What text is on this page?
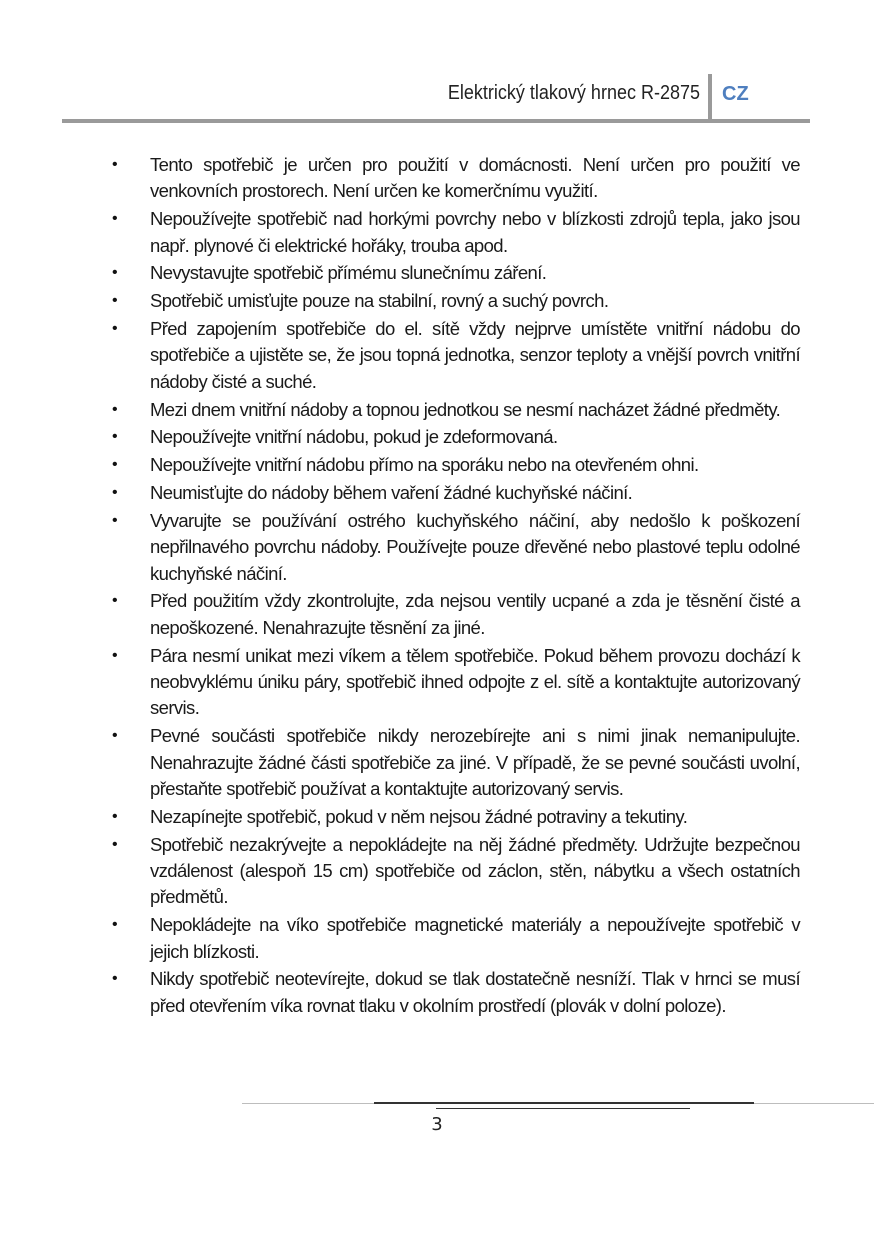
Elektrický tlakový hrnec R-2875 CZ
• Tento spotřebič je určen pro použití v domácnosti. Není určen pro použití ve venkovních prostorech. Není určen ke komerčnímu využití.
• Nepoužívejte spotřebič nad horkými povrchy nebo v blízkosti zdrojů tepla, jako jsou např. plynové či elektrické hořáky, trouba apod.
• Nevystavujte spotřebič přímému slunečnímu záření.
• Spotřebič umisťujte pouze na stabilní, rovný a suchý povrch.
• Před zapojením spotřebiče do el. sítě vždy nejprve umístěte vnitřní nádobu do spotřebiče a ujistěte se, že jsou topná jednotka, senzor teploty a vnější povrch vnitřní nádoby čisté a suché.
• Mezi dnem vnitřní nádoby a topnou jednotkou se nesmí nacházet žádné předměty.
• Nepoužívejte vnitřní nádobu, pokud je zdeformovaná.
• Nepoužívejte vnitřní nádobu přímo na sporáku nebo na otevřeném ohni.
• Neumisťujte do nádoby během vaření žádné kuchyňské náčiní.
• Vyvarujte se používání ostrého kuchyňského náčiní, aby nedošlo k poškození nepřilnavého povrchu nádoby. Používejte pouze dřevěné nebo plastové teplu odolné kuchyňské náčiní.
• Před použitím vždy zkontrolujte, zda nejsou ventily ucpané a zda je těsnění čisté a nepoškozené. Nenahrazujte těsnění za jiné.
• Pára nesmí unikat mezi víkem a tělem spotřebiče. Pokud během provozu dochází k neobvyklému úniku páry, spotřebič ihned odpojte z el. sítě a kontaktujte autorizovaný servis.
• Pevné součásti spotřebiče nikdy nerozebírejte ani s nimi jinak nemanipulujte. Nenahrazujte žádné části spotřebiče za jiné. V případě, že se pevné součásti uvolní, přestaňte spotřebič používat a kontaktujte autorizovaný servis.
• Nezapínejte spotřebič, pokud v něm nejsou žádné potraviny a tekutiny.
• Spotřebič nezakrývejte a nepokládejte na něj žádné předměty. Udržujte bezpečnou vzdálenost (alespoň 15 cm) spotřebiče od záclon, stěn, nábytku a všech ostatních předmětů.
• Nepokládejte na víko spotřebiče magnetické materiály a nepoužívejte spotřebič v jejich blízkosti.
• Nikdy spotřebič neotevírejte, dokud se tlak dostatečně nesníží. Tlak v hrnci se musí před otevřením víka rovnat tlaku v okolním prostředí (plovák v dolní poloze).
3
